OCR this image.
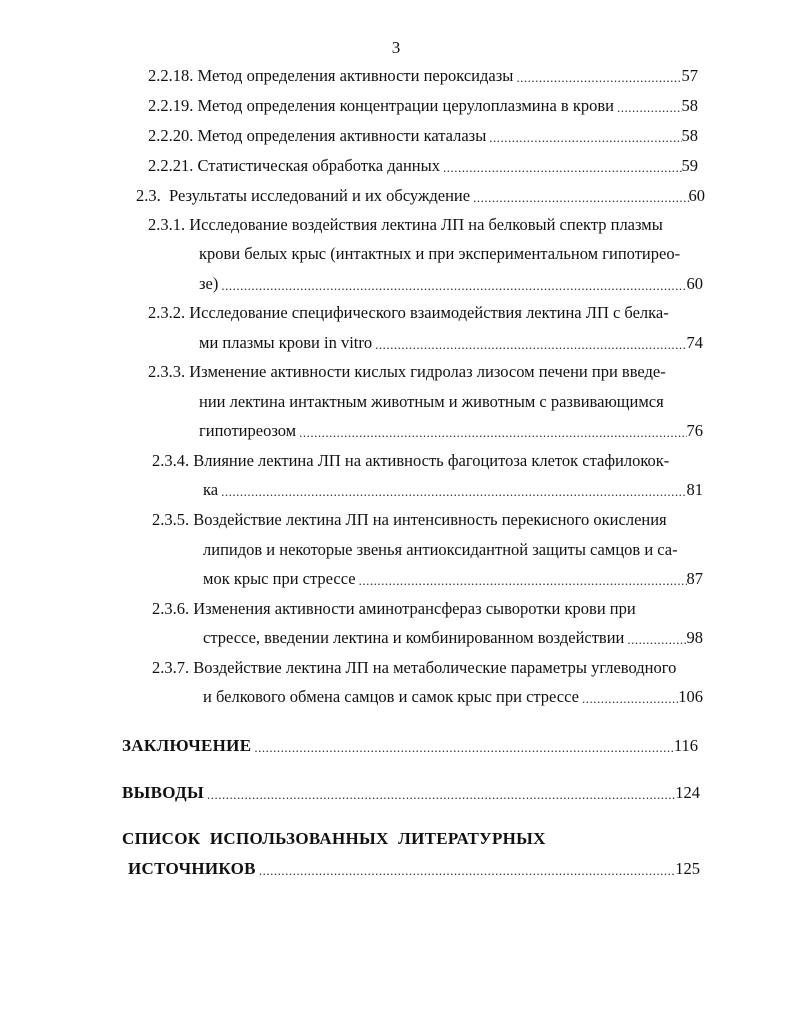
3
2.2.18.
Метод определения активности пероксидазы .....	57
2.2.19.
Метод определения концентрации церулоплазмина в крови .....	58
2.2.20.
Метод определения активности каталазы .....	58
2.2.21.
Статистическая обработка данных .....	59
2.3.
Результаты исследований и их обсуждение .....	60
2.3.1. Исследование воздействия лектина ЛП на белковый спектр плазмы
крови белых крыс (интактных и при экспериментальном гипотирео-
зе) .....	60
2.3.2. Исследование специфического взаимодействия лектина ЛП с белка-
ми плазмы крови in vitro .....	74
2.3.3. Изменение активности кислых гидролаз лизосом печени при введе-
нии лектина интактным животным и животным с развивающимся
гипотиреозом .....	76
2.3.4. Влияние лектина ЛП на активность фагоцитоза клеток стафилокок-
ка .....	81
2.3.5. Воздействие лектина ЛП на интенсивность перекисного окисления
липидов и некоторые звенья антиоксидантной защиты самцов и са-
мок крыс при стрессе .....	87
2.3.6. Изменения активности аминотрансфераз сыворотки крови при
стрессе, введении лектина и комбинированном воздействии .....	98
2.3.7. Воздействие лектина ЛП на метаболические параметры углеводного
и белкового обмена самцов и самок крыс при стрессе .....	106
ЗАКЛЮЧЕНИЕ .....	116
ВЫВОДЫ .....	124
СПИСОК ИСПОЛЬЗОВАННЫХ ЛИТЕРАТУРНЫХ
ИСТОЧНИКОВ .....	125
